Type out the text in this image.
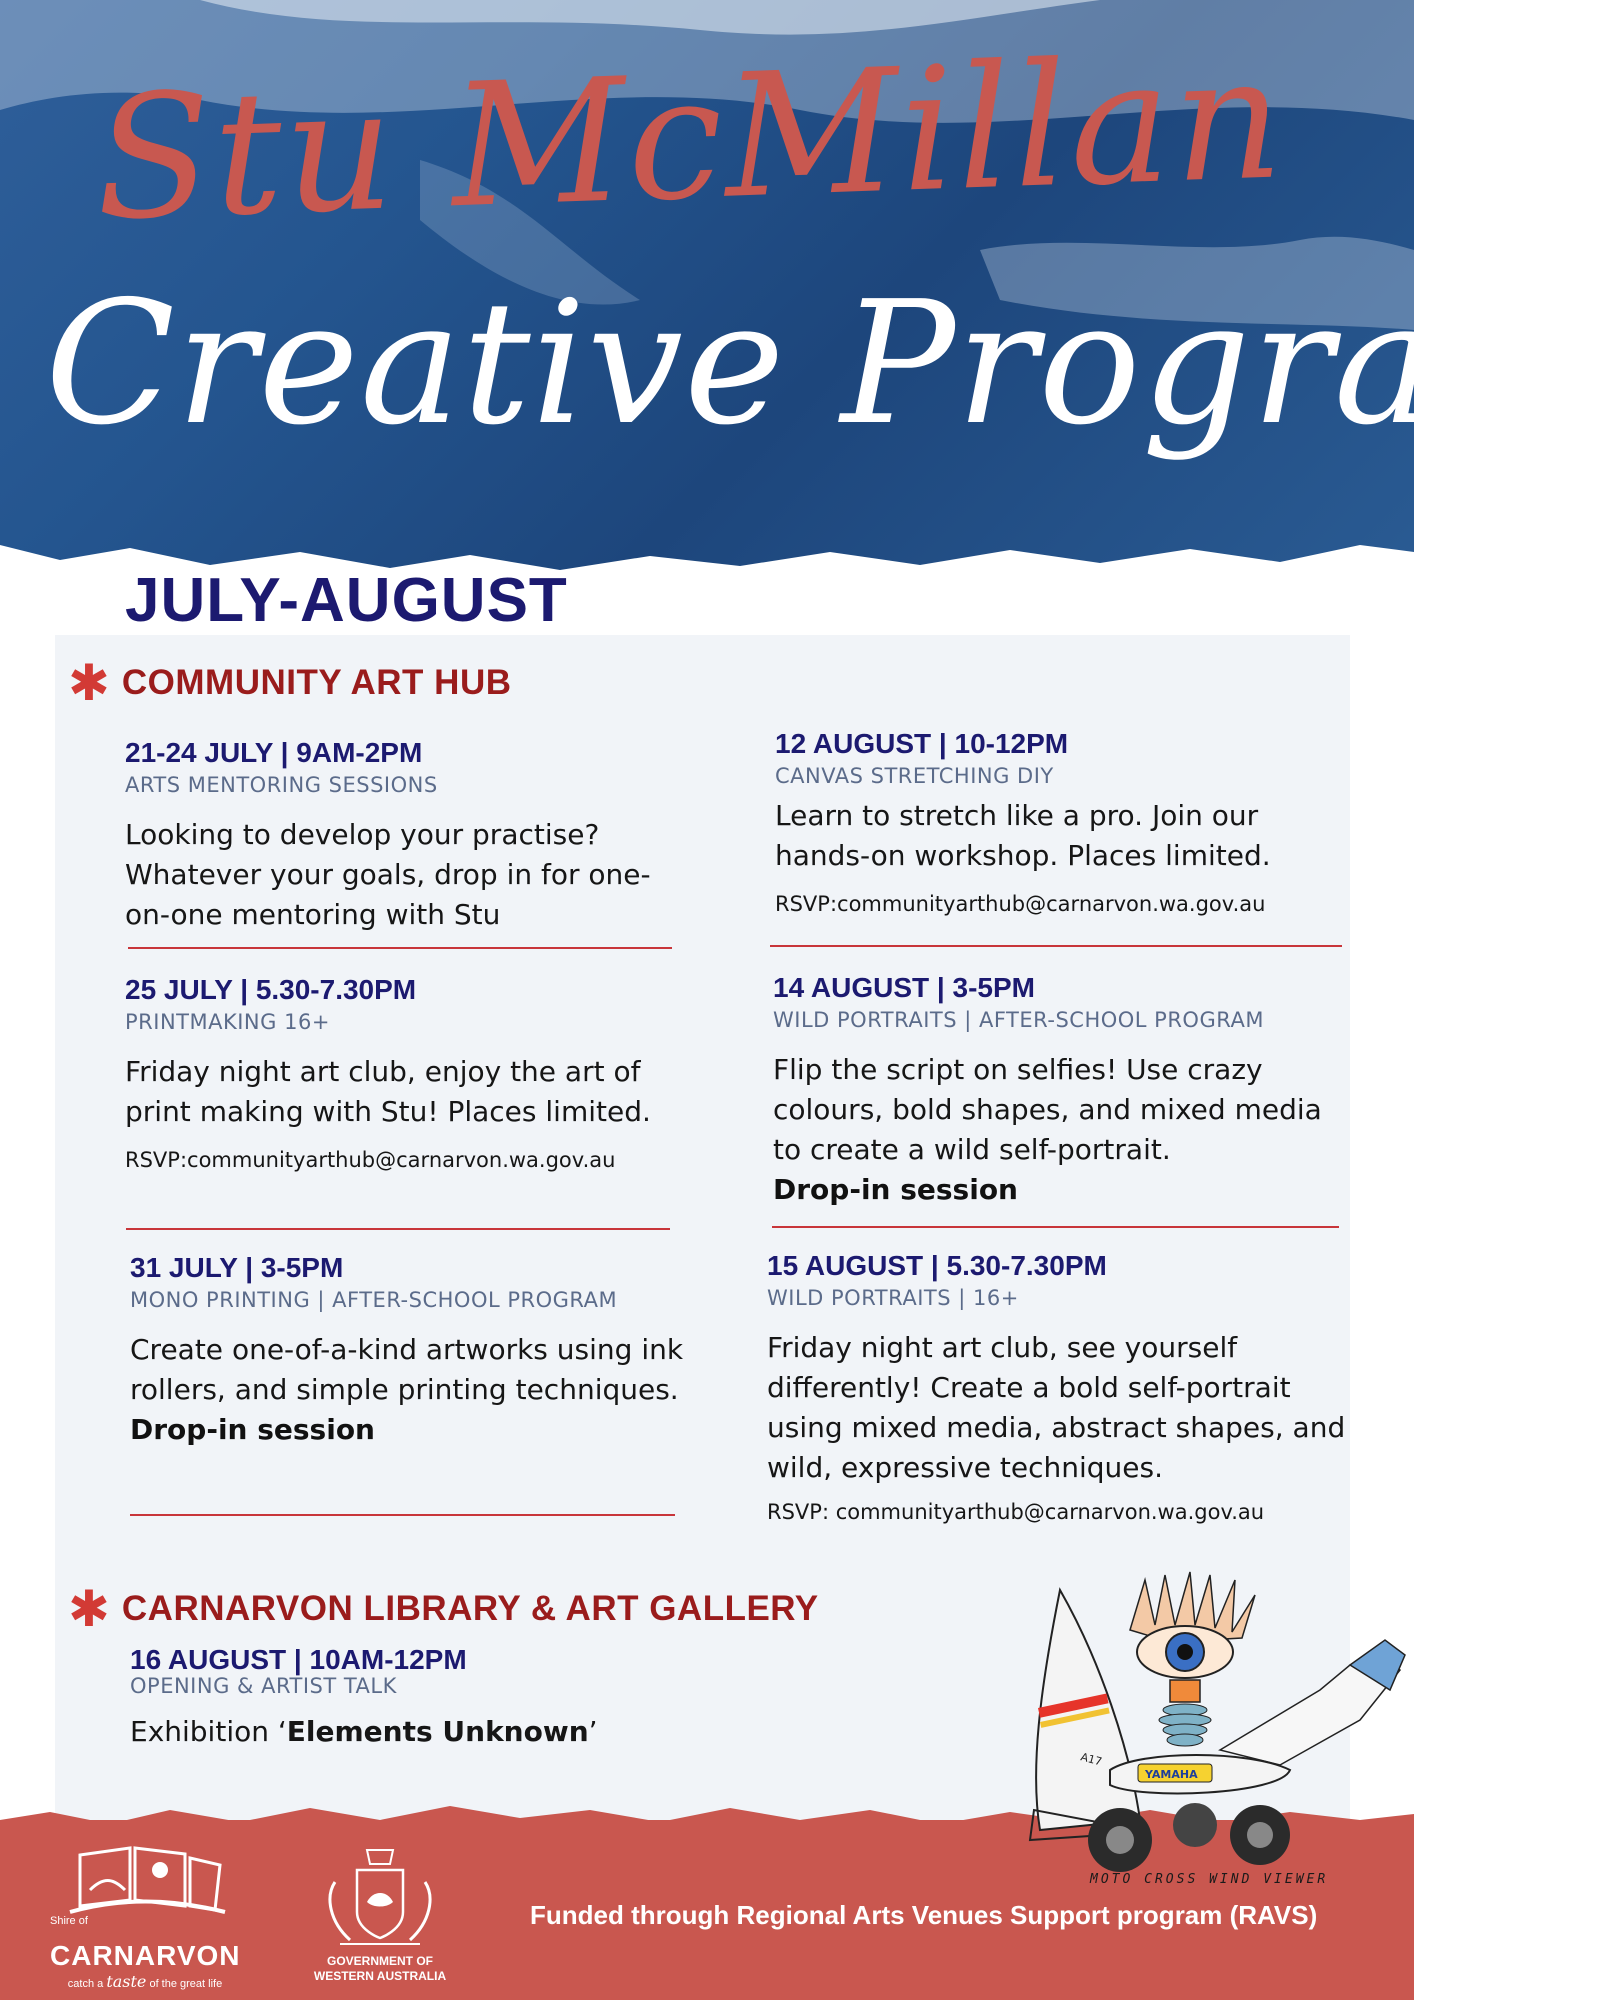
Stu McMillan
Creative Program
JULY-AUGUST
✱ COMMUNITY ART HUB
21-24 JULY | 9AM-2PM
ARTS MENTORING SESSIONS
Looking to develop your practise? Whatever your goals, drop in for one-on-one mentoring with Stu
25 JULY | 5.30-7.30PM
PRINTMAKING 16+
Friday night art club, enjoy the art of print making with Stu! Places limited.
RSVP:communityarthub@carnarvon.wa.gov.au
31 JULY | 3-5PM
MONO PRINTING | AFTER-SCHOOL PROGRAM
Create one-of-a-kind artworks using ink rollers, and simple printing techniques.
Drop-in session
12 AUGUST | 10-12PM
CANVAS STRETCHING DIY
Learn to stretch like a pro. Join our hands-on workshop. Places limited.
RSVP:communityarthub@carnarvon.wa.gov.au
14 AUGUST | 3-5PM
WILD PORTRAITS | AFTER-SCHOOL PROGRAM
Flip the script on selfies! Use crazy colours, bold shapes, and mixed media to create a wild self-portrait.
Drop-in session
15 AUGUST | 5.30-7.30PM
WILD PORTRAITS | 16+
Friday night art club, see yourself differently! Create a bold self-portrait using mixed media, abstract shapes, and wild, expressive techniques.
RSVP: communityarthub@carnarvon.wa.gov.au
✱ CARNARVON LIBRARY & ART GALLERY
16 AUGUST | 10AM-12PM
OPENING & ARTIST TALK
Exhibition ‘Elements Unknown’
A17
YAMAHA
MOTO CROSS WIND VIEWER
Shire of
CARNARVON
catch a taste of the great life
GOVERNMENT OF
WESTERN AUSTRALIA
Funded through Regional Arts Venues Support program (RAVS)
